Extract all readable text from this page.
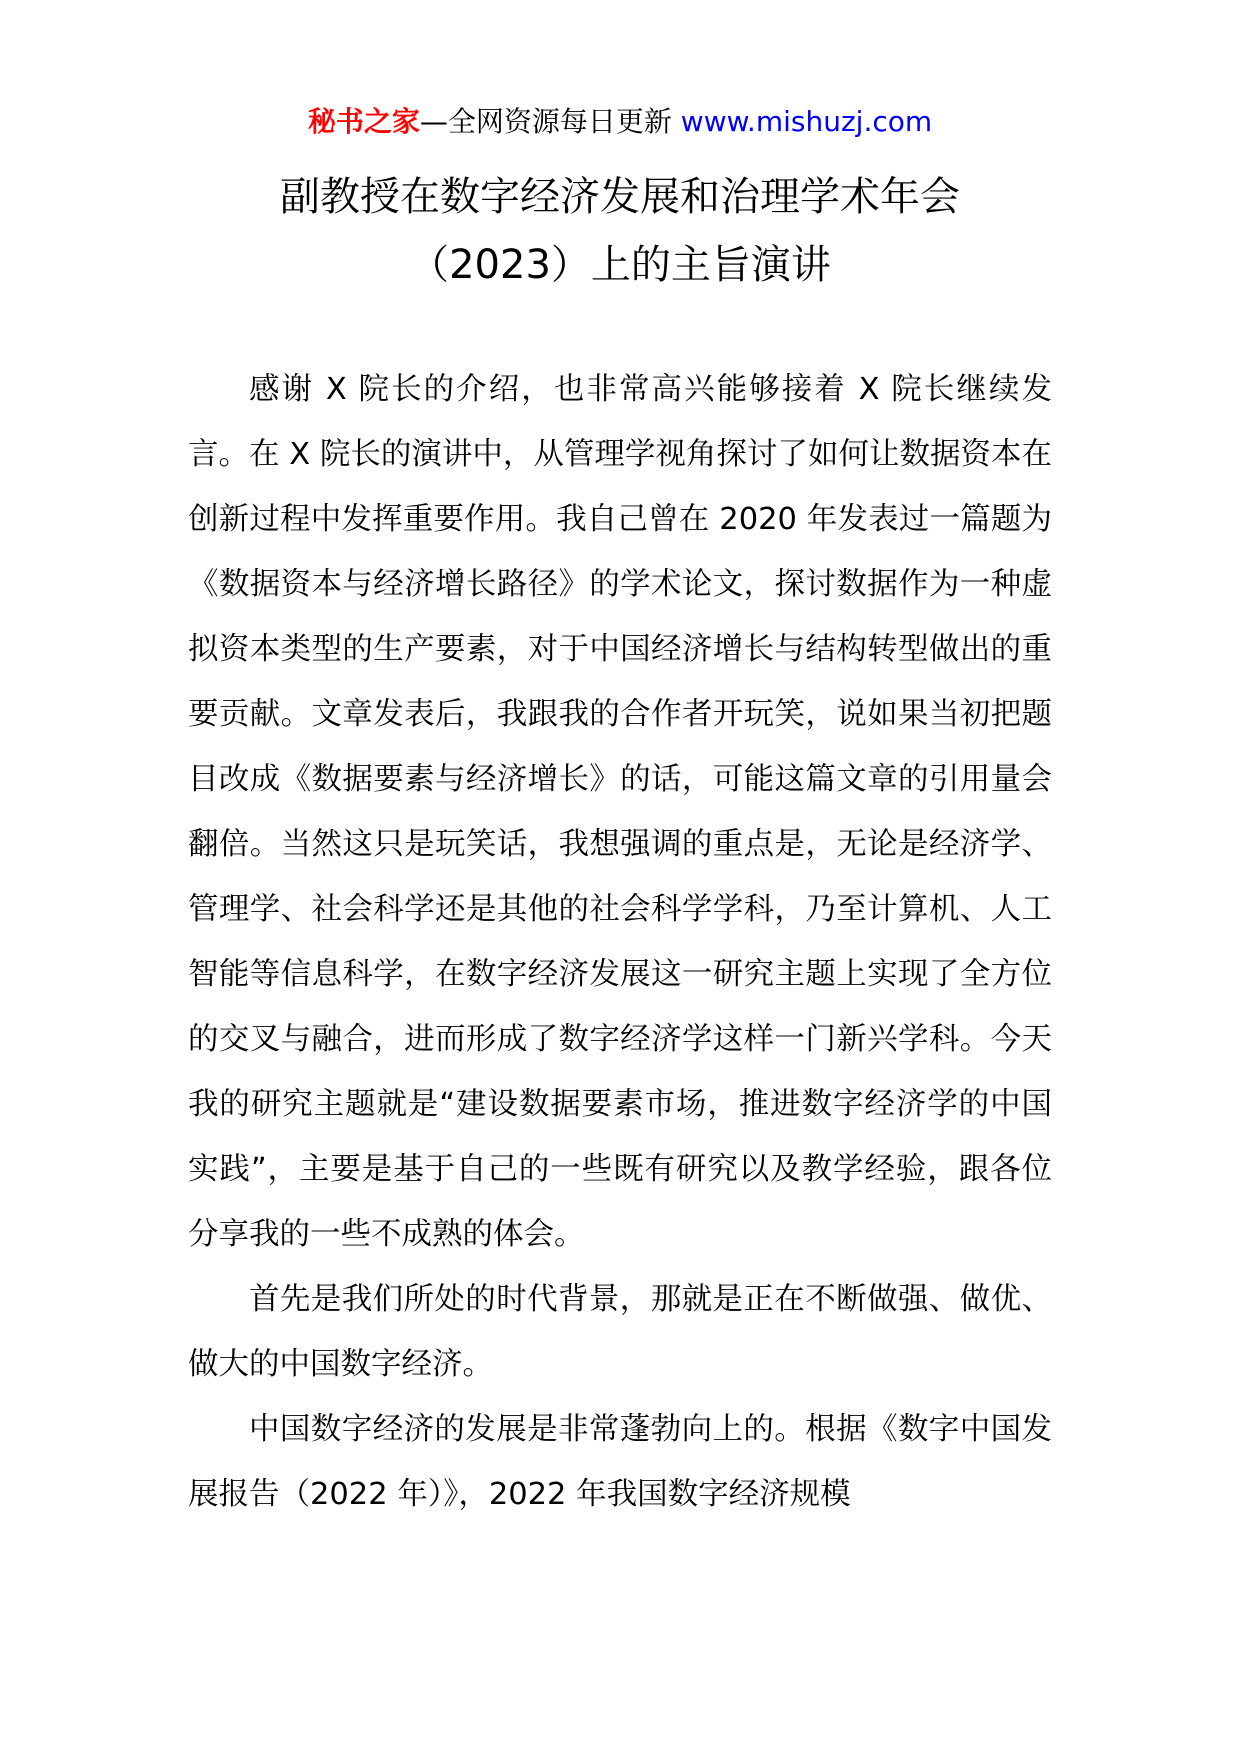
秘书之家—全网资源每日更新 www.mishuzj.com
副教授在数字经济发展和治理学术年会
（2023）上的主旨演讲

感谢 X 院长的介绍，也非常高兴能够接着 X 院长继续发言。在 X 院长的演讲中，从管理学视角探讨了如何让数据资本在创新过程中发挥重要作用。我自己曾在 2020 年发表过一篇题为《数据资本与经济增长路径》的学术论文，探讨数据作为一种虚拟资本类型的生产要素，对于中国经济增长与结构转型做出的重要贡献。文章发表后，我跟我的合作者开玩笑，说如果当初把题目改成《数据要素与经济增长》的话，可能这篇文章的引用量会翻倍。当然这只是玩笑话，我想强调的重点是，无论是经济学、管理学、社会科学还是其他的社会科学学科，乃至计算机、人工智能等信息科学，在数字经济发展这一研究主题上实现了全方位的交叉与融合，进而形成了数字经济学这样一门新兴学科。今天我的研究主题就是“建设数据要素市场，推进数字经济学的中国实践”，主要是基于自己的一些既有研究以及教学经验，跟各位分享我的一些不成熟的体会。

首先是我们所处的时代背景，那就是正在不断做强、做优、做大的中国数字经济。

中国数字经济的发展是非常蓬勃向上的。根据《数字中国发展报告（2022 年）》，2022 年我国数字经济规模
